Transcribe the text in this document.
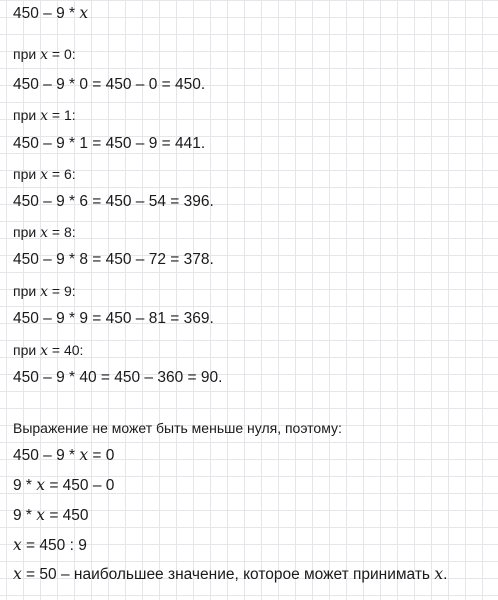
450 – 9 * x
при x = 0:
450 – 9 * 0 = 450 – 0 = 450.
при x = 1:
450 – 9 * 1 = 450 – 9 = 441.
при x = 6:
450 – 9 * 6 = 450 – 54 = 396.
при x = 8:
450 – 9 * 8 = 450 – 72 = 378.
при x = 9:
450 – 9 * 9 = 450 – 81 = 369.
при x = 40:
450 – 9 * 40 = 450 – 360 = 90.
Выражение не может быть меньше нуля, поэтому:
450 – 9 * x = 0
9 * x = 450 – 0
9 * x = 450
x = 450 : 9
x = 50 – наибольшее значение, которое может принимать x.
